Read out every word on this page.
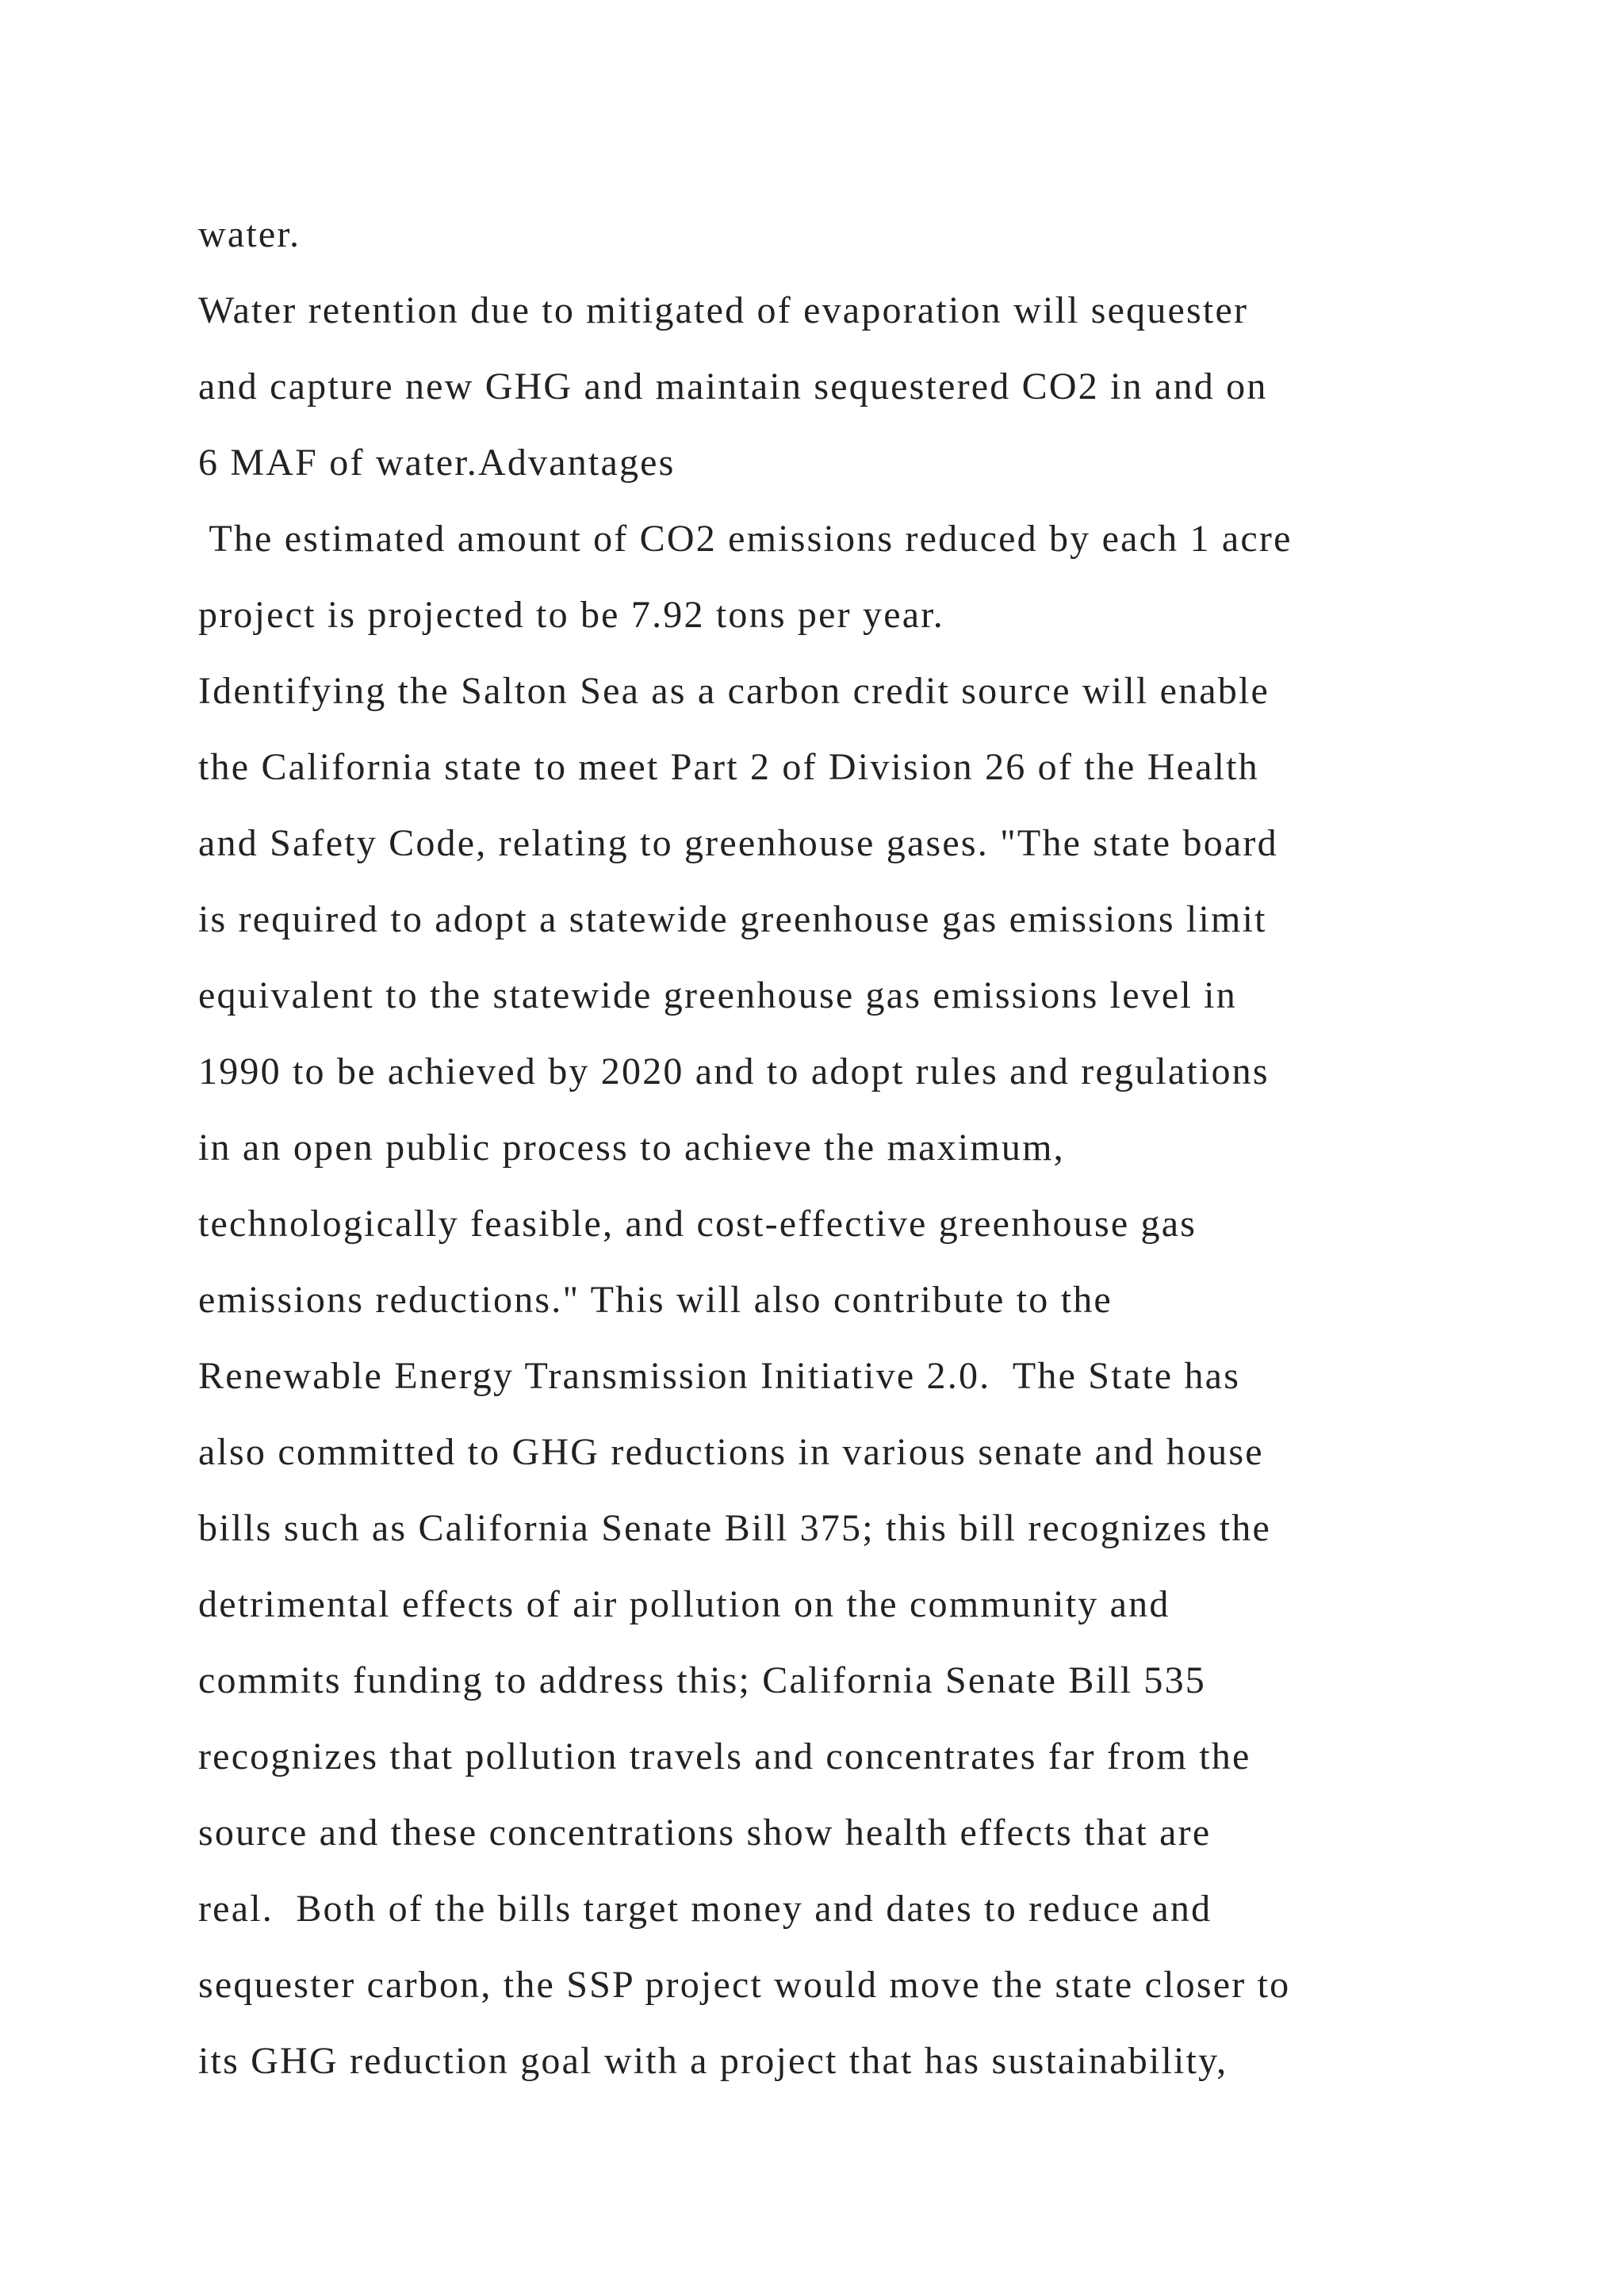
water.
Water retention due to mitigated of evaporation will sequester
and capture new GHG and maintain sequestered CO2 in and on
6 MAF of water.Advantages
The estimated amount of CO2 emissions reduced by each 1 acre
project is projected to be 7.92 tons per year.
Identifying the Salton Sea as a carbon credit source will enable
the California state to meet Part 2 of Division 26 of the Health
and Safety Code, relating to greenhouse gases. "The state board
is required to adopt a statewide greenhouse gas emissions limit
equivalent to the statewide greenhouse gas emissions level in
1990 to be achieved by 2020 and to adopt rules and regulations
in an open public process to achieve the maximum,
technologically feasible, and cost-effective greenhouse gas
emissions reductions." This will also contribute to the
Renewable Energy Transmission Initiative 2.0.  The State has
also committed to GHG reductions in various senate and house
bills such as California Senate Bill 375; this bill recognizes the
detrimental effects of air pollution on the community and
commits funding to address this; California Senate Bill 535
recognizes that pollution travels and concentrates far from the
source and these concentrations show health effects that are
real.  Both of the bills target money and dates to reduce and
sequester carbon, the SSP project would move the state closer to
its GHG reduction goal with a project that has sustainability,
